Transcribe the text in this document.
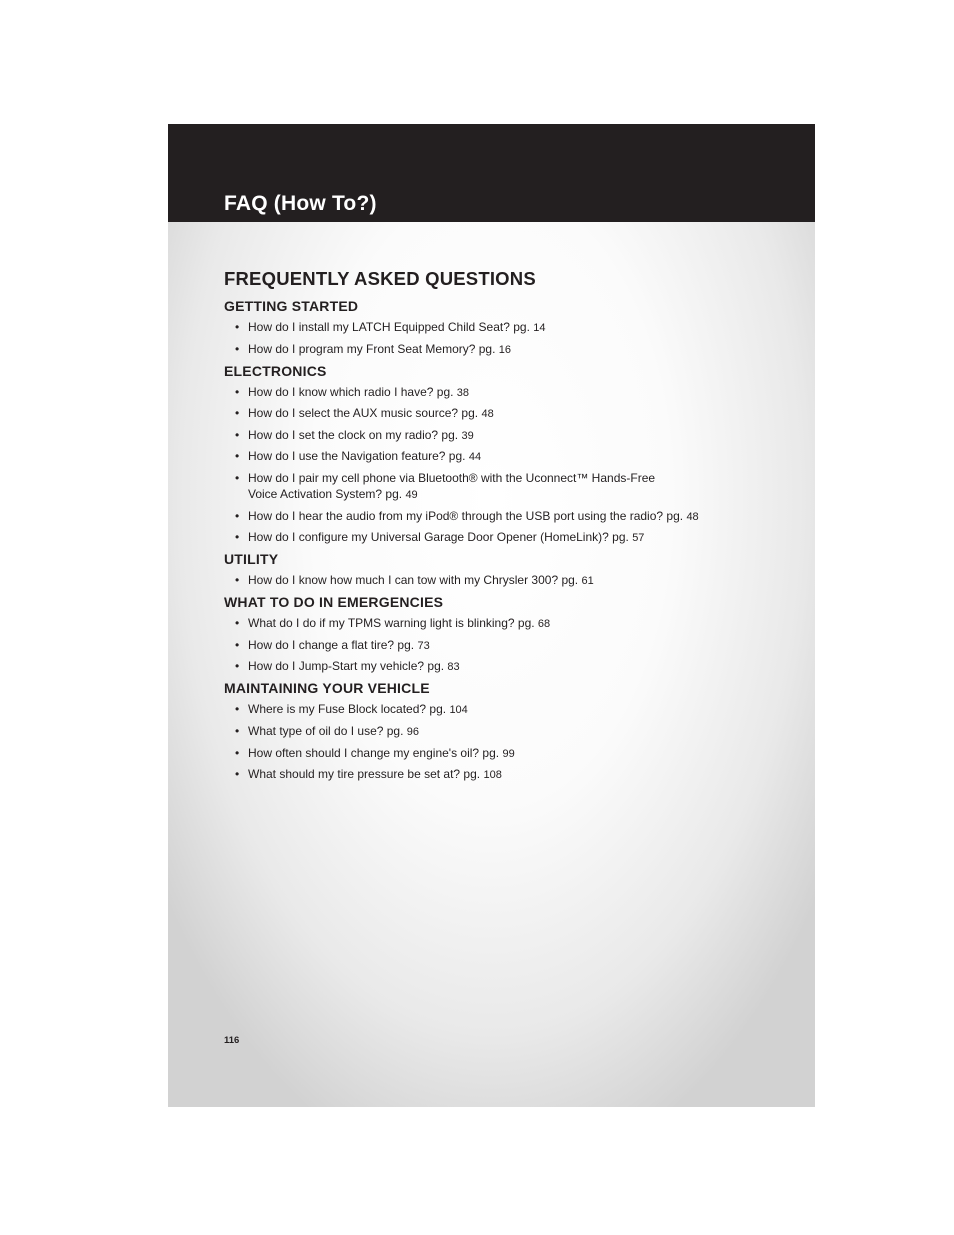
FAQ (How To?)
FREQUENTLY ASKED QUESTIONS
GETTING STARTED
• How do I install my LATCH Equipped Child Seat? pg. 14
• How do I program my Front Seat Memory? pg. 16
ELECTRONICS
• How do I know which radio I have? pg. 38
• How do I select the AUX music source? pg. 48
• How do I set the clock on my radio? pg. 39
• How do I use the Navigation feature? pg. 44
• How do I pair my cell phone via Bluetooth® with the Uconnect™ Hands-Free Voice Activation System? pg. 49
• How do I hear the audio from my iPod® through the USB port using the radio? pg. 48
• How do I configure my Universal Garage Door Opener (HomeLink)? pg. 57
UTILITY
• How do I know how much I can tow with my Chrysler 300? pg. 61
WHAT TO DO IN EMERGENCIES
• What do I do if my TPMS warning light is blinking? pg. 68
• How do I change a flat tire? pg. 73
• How do I Jump-Start my vehicle? pg. 83
MAINTAINING YOUR VEHICLE
• Where is my Fuse Block located? pg. 104
• What type of oil do I use? pg. 96
• How often should I change my engine's oil? pg. 99
• What should my tire pressure be set at? pg. 108
116
